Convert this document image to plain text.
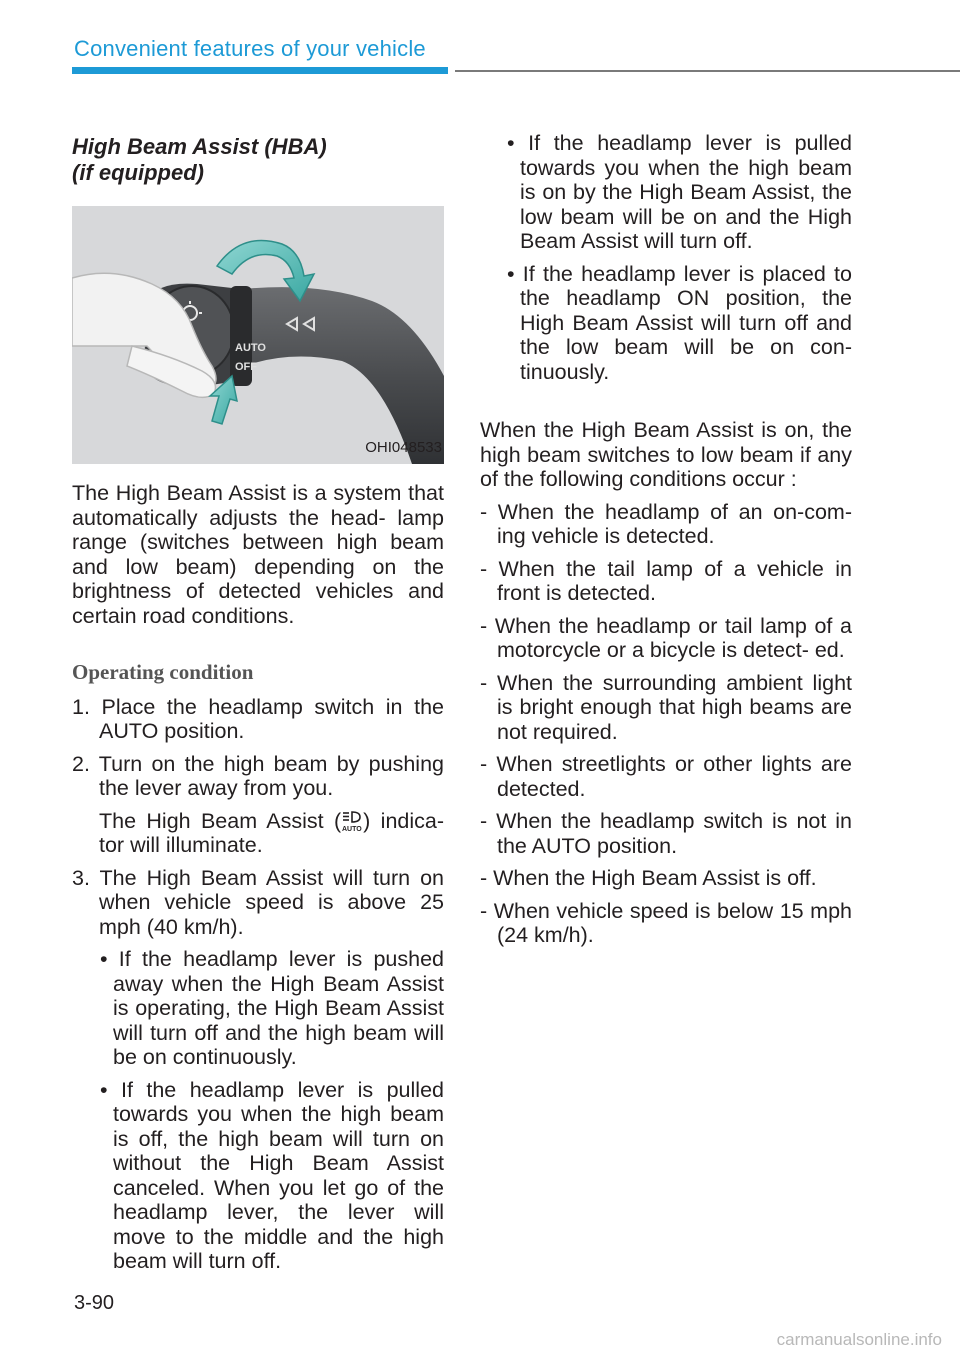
Convenient features of your vehicle
High Beam Assist (HBA)
(if equipped)
AUTO
OFF
OHI048533

The High Beam Assist is a system that automatically adjusts the head- lamp range (switches between high beam and low beam) depending on the brightness of detected vehicles and certain road conditions.

Operating condition

1. Place the headlamp switch in the AUTO position.

2. Turn on the high beam by pushing the lever away from you.

The High Beam Assist ( AUTO ) indica- tor will illuminate.

3. The High Beam Assist will turn on when vehicle speed is above 25 mph (40 km/h).

• If the headlamp lever is pushed away when the High Beam Assist is operating, the High Beam Assist will turn off and the high beam will be on continuously.

• If the headlamp lever is pulled towards you when the high beam is off, the high beam will turn on without the High Beam Assist canceled. When you let go of the headlamp lever, the lever will move to the middle and the high beam will turn off.

• If the headlamp lever is pulled towards you when the high beam is on by the High Beam Assist, the low beam will be on and the High Beam Assist will turn off.

• If the headlamp lever is placed to the headlamp ON position, the High Beam Assist will turn off and the low beam will be on con- tinuously.

When the High Beam Assist is on, the high beam switches to low beam if any of the following conditions occur :

- When the headlamp of an on-com- ing vehicle is detected.

- When the tail lamp of a vehicle in front is detected.

- When the headlamp or tail lamp of a motorcycle or a bicycle is detect- ed.

- When the surrounding ambient light is bright enough that high beams are not required.

- When streetlights or other lights are detected.

- When the headlamp switch is not in the AUTO position.

- When the High Beam Assist is off.

- When vehicle speed is below 15 mph (24 km/h).

3-90
carmanualsonline.info
